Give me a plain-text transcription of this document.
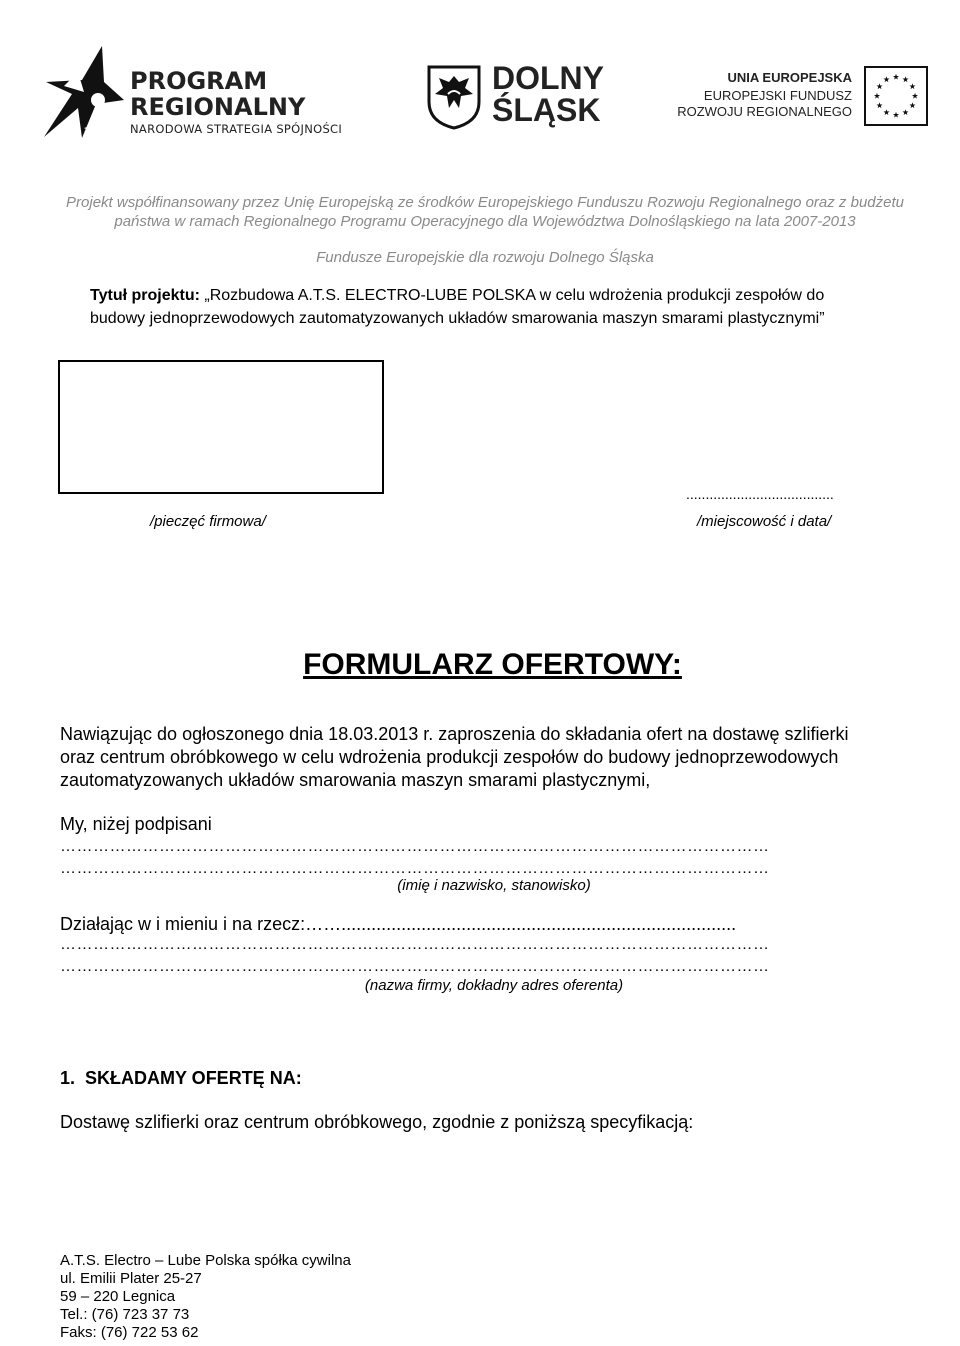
PROGRAM
REGIONALNY
NARODOWA STRATEGIA SPÓJNOŚCI
DOLNY
ŚLĄSK
UNIA EUROPEJSKA
EUROPEJSKI FUNDUSZ
ROZWOJU REGIONALNEGO
Projekt współfinansowany przez Unię Europejską ze środków Europejskiego Funduszu Rozwoju Regionalnego oraz z budżetu
państwa w ramach Regionalnego Programu Operacyjnego dla Województwa Dolnośląskiego na lata 2007-2013
Fundusze Europejskie dla rozwoju Dolnego Śląska
Tytuł projektu: „Rozbudowa A.T.S. ELECTRO-LUBE POLSKA w celu wdrożenia produkcji zespołów do
budowy jednoprzewodowych zautomatyzowanych układów smarowania maszyn smarami plastycznymi”
/pieczęć firmowa/
......................................
/miejscowość i data/
FORMULARZ OFERTOWY:
Nawiązując do ogłoszonego dnia 18.03.2013 r. zaproszenia do składania ofert na dostawę szlifierki
oraz centrum obróbkowego w celu wdrożenia produkcji zespołów do budowy jednoprzewodowych
zautomatyzowanych układów smarowania maszyn smarami plastycznymi,
My, niżej podpisani
…………………………………………………………………………………………………………………
…………………………………………………………………………………………………………………
(imię i nazwisko, stanowisko)
Działając w i mieniu i na rzecz:……...............................................................................
…………………………………………………………………………………………………………………
…………………………………………………………………………………………………………………
(nazwa firmy, dokładny adres oferenta)
1.  SKŁADAMY OFERTĘ NA:
Dostawę szlifierki oraz centrum obróbkowego, zgodnie z poniższą specyfikacją:
A.T.S. Electro – Lube Polska spółka cywilna
ul. Emilii Plater 25-27
59 – 220 Legnica
Tel.: (76) 723 37 73
Faks: (76) 722 53 62
